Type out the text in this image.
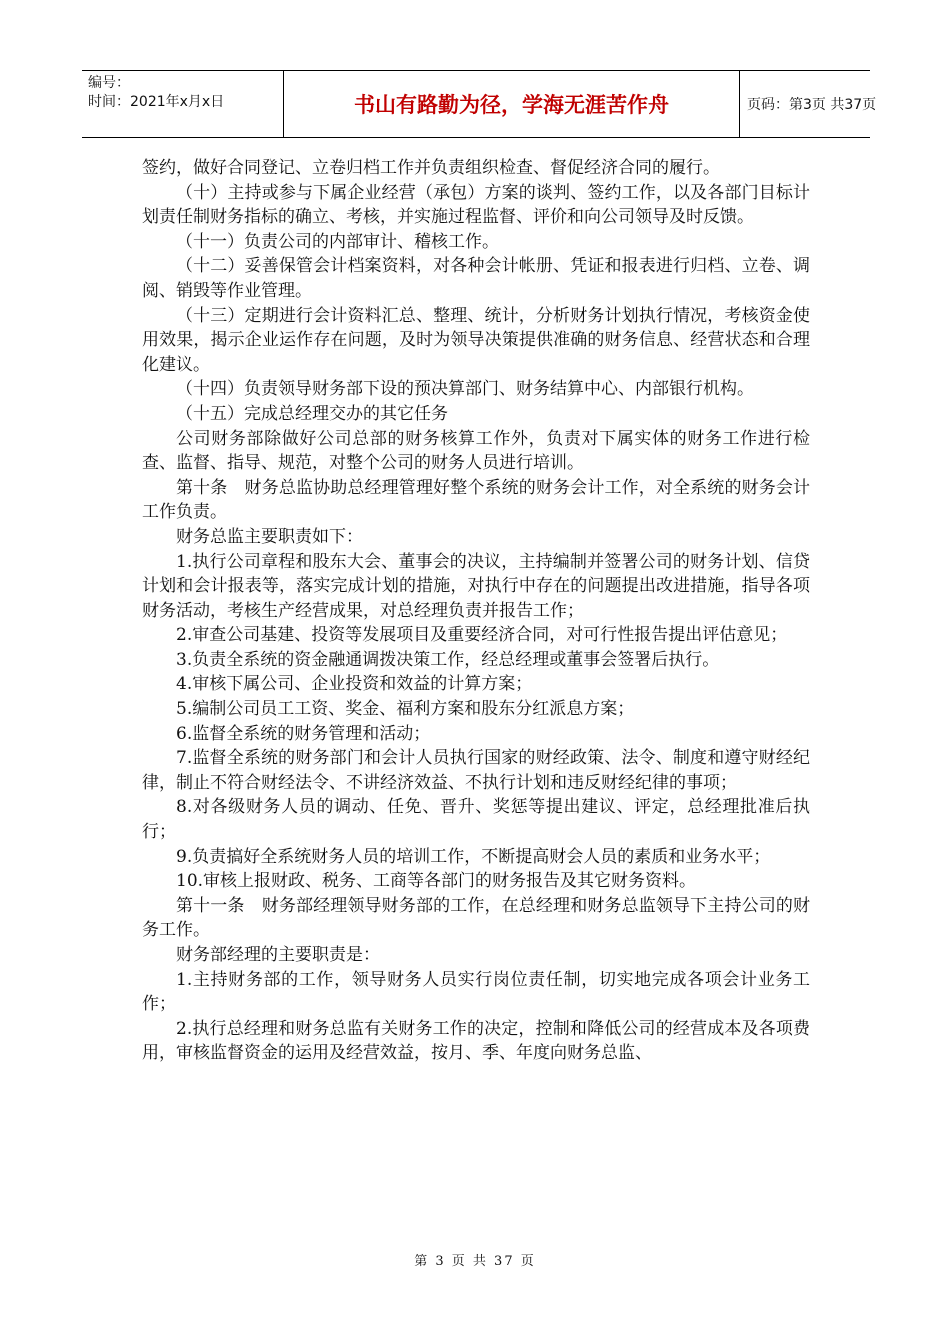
编号：
时间：2021年x月x日	书山有路勤为径，学海无涯苦作舟	页码：第3页 共37页

签约，做好合同登记、立卷归档工作并负责组织检查、督促经济合同的履行。

（十）主持或参与下属企业经营（承包）方案的谈判、签约工作，以及各部门目标计划责任制财务指标的确立、考核，并实施过程监督、评价和向公司领导及时反馈。

（十一）负责公司的内部审计、稽核工作。

（十二）妥善保管会计档案资料，对各种会计帐册、凭证和报表进行归档、立卷、调阅、销毁等作业管理。

（十三）定期进行会计资料汇总、整理、统计，分析财务计划执行情况，考核资金使用效果，揭示企业运作存在问题，及时为领导决策提供准确的财务信息、经营状态和合理化建议。

（十四）负责领导财务部下设的预决算部门、财务结算中心、内部银行机构。

（十五）完成总经理交办的其它任务

公司财务部除做好公司总部的财务核算工作外，负责对下属实体的财务工作进行检查、监督、指导、规范，对整个公司的财务人员进行培训。

第十条　财务总监协助总经理管理好整个系统的财务会计工作，对全系统的财务会计工作负责。

财务总监主要职责如下：

1.执行公司章程和股东大会、董事会的决议，主持编制并签署公司的财务计划、信贷计划和会计报表等，落实完成计划的措施，对执行中存在的问题提出改进措施，指导各项财务活动，考核生产经营成果，对总经理负责并报告工作；

2.审查公司基建、投资等发展项目及重要经济合同，对可行性报告提出评估意见；

3.负责全系统的资金融通调拨决策工作，经总经理或董事会签署后执行。

4.审核下属公司、企业投资和效益的计算方案；

5.编制公司员工工资、奖金、福利方案和股东分红派息方案；

6.监督全系统的财务管理和活动；

7.监督全系统的财务部门和会计人员执行国家的财经政策、法令、制度和遵守财经纪律，制止不符合财经法令、不讲经济效益、不执行计划和违反财经纪律的事项；

8.对各级财务人员的调动、任免、晋升、奖惩等提出建议、评定，总经理批准后执行；

9.负责搞好全系统财务人员的培训工作，不断提高财会人员的素质和业务水平；

10.审核上报财政、税务、工商等各部门的财务报告及其它财务资料。

第十一条　财务部经理领导财务部的工作，在总经理和财务总监领导下主持公司的财务工作。

财务部经理的主要职责是：

1.主持财务部的工作，领导财务人员实行岗位责任制，切实地完成各项会计业务工作；

2.执行总经理和财务总监有关财务工作的决定，控制和降低公司的经营成本及各项费用，审核监督资金的运用及经营效益，按月、季、年度向财务总监、

第 3 页 共 37 页
